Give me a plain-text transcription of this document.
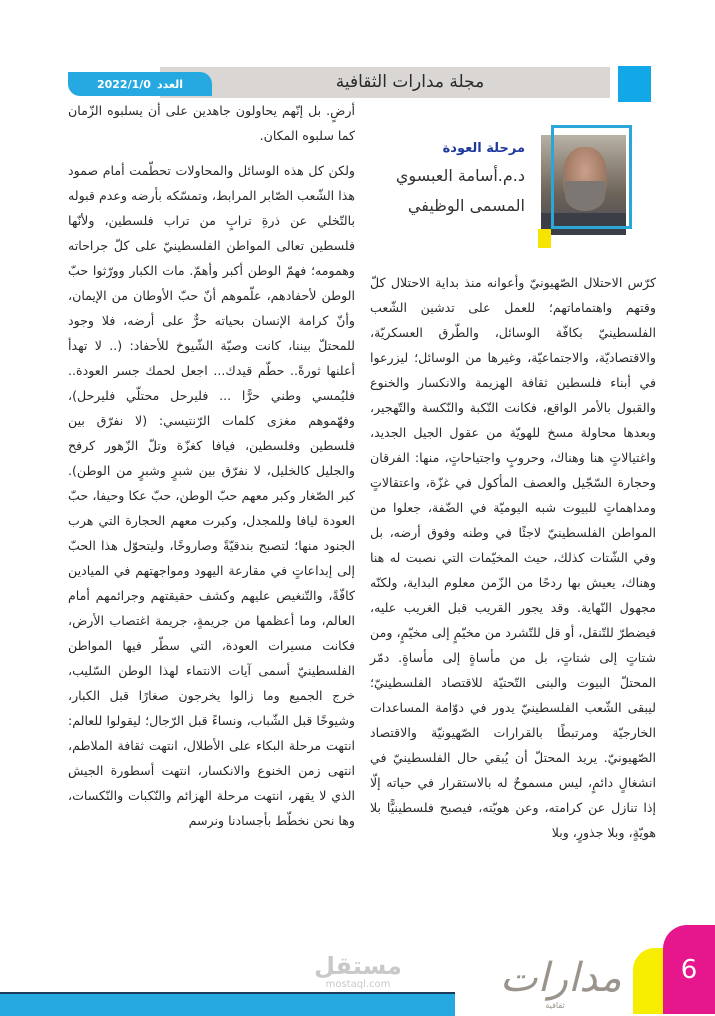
مجلة مدارات الثقافية
العدد
2022/1/0
مرحلة العودة
د.م.أسامة العبسوي
المسمى الوظيفي

كرّس الاحتلال الصّهيونيّ وأعوانه منذ بداية الاحتلال كلّ وقتهم واهتماماتهم؛ للعمل على تدشين الشّعب الفلسطينيّ بكافّة الوسائل، والطّرق العسكريّة، والاقتصاديّة، والاجتماعيّة، وغيرها من الوسائل؛ ليزرعوا في أبناء فلسطين ثقافة الهزيمة والانكسار والخنوع والقبول بالأمر الواقع، فكانت النّكبة والنّكسة والتّهجير، وبعدها محاولة مسخ للهويّة من عقول الجيل الجديد، واغتيالاتٍ هنا وهناك، وحروبٍ واجتياحاتٍ، منها: الفرقان وحجارة السّجّيل والعصف المأكول في غزّة، واعتقالاتٍ ومداهماتٍ للبيوت شبه اليوميّة في الضّفة، جعلوا من المواطن الفلسطينيّ لاجئًا في وطنه وفوق أرضه، بل وفي الشّتات كذلك، حيث المخيّمات التي نصبت له هنا وهناك، يعيش بها ردحًا من الزّمن معلوم البداية، ولكنّه مجهول النّهاية. وقد يجور القريب قبل الغريب عليه، فيضطرّ للتّنقل، أو قل للتّشرد من مخيّمٍ إلى مخيّمٍ، ومن شتاتٍ إلى شتاتٍ، بل من مأساةٍ إلى مأساةٍ. دمّر المحتلّ البيوت والبنى التّحتيّة للاقتصاد الفلسطينيّ؛ ليبقى الشّعب الفلسطينيّ يدور في دوّامة المساعدات الخارجيّة ومرتبطًا بالقرارات الصّهيونيّة والاقتصاد الصّهيونيّ. يريد المحتلّ أن يُبقي حال الفلسطينيّ في انشغالٍ دائمٍ، ليس مسموحٌ له بالاستقرار في حياته إلّا إذا تنازل عن كرامته، وعن هويّته، فيصبح فلسطينيًّا بلا هويّةٍ، وبلا جذورٍ، وبلا

أرضٍ. بل إنّهم يحاولون جاهدين على أن يسلبوه الزّمان كما سلبوه المكان.

ولكن كل هذه الوسائل والمحاولات تحطّمت أمام صمود هذا الشّعب الصّابر المرابط، وتمسّكه بأرضه وعدم قبوله بالتّخلي عن ذرةِ ترابٍ من تراب فلسطين، ولأنّها فلسطين تعالى المواطن الفلسطينيّ على كلّ جراحاته وهمومه؛ فهمّ الوطن أكبر وأهمّ. مات الكبار وورّثوا حبّ الوطن لأحفادهم، علّموهم أنّ حبّ الأوطان من الإيمان، وأنّ كرامة الإنسان بحياته حرٌّ على أرضه، فلا وجود للمحتلّ بيننا، كانت وصيّة الشّيوخ للأحفاد: (.. لا تهدأ أعلنها ثورةً.. حطّم قيدك... اجعل لحمك جسر العودة.. فليُمسي وطني حرًّا ... فليرحل محتلّي فليرحل)، وفهّموهم مغزى كلمات الرّنتيسي: (لا نفرّق بين فلسطين وفلسطين، فيافا كغزّة وتلّ الزّهور كرفح والجليل كالخليل، لا نفرّق بين شبرٍ وشبرٍ من الوطن). كبر الصّغار وكبر معهم حبّ الوطن، حبّ عكا وحيفا، حبّ العودة ليافا وللمجدل، وكبرت معهم الحجارة التي هرب الجنود منها؛ لتصبح بندقيّةً وصاروخًا، وليتحوّل هذا الحبّ إلى إبداعاتٍ في مقارعة اليهود ومواجهتهم في الميادين كافّةً، والتّنغيص عليهم وكشف حقيقتهم وجرائمهم أمام العالم، وما أعظمها من جريمةٍ، جريمة اغتصاب الأرض، فكانت مسيرات العودة، التي سطّر فيها المواطن الفلسطينيّ أسمى آيات الانتماء لهذا الوطن السّليب، خرج الجميع وما زالوا يخرجون صغارًا قبل الكبار، وشيوخًا قبل الشّباب، ونساءً قبل الرّجال؛ ليقولوا للعالم: انتهت مرحلة البكاء على الأطلال، انتهت ثقافة الملاطم، انتهى زمن الخنوع والانكسار، انتهت أسطورة الجيش الذي لا يقهر، انتهت مرحلة الهزائم والنّكبات والنّكسات، وها نحن نخطّط بأجسادنا ونرسم

مستقل
mostaql.com	مدارات
ثقافية
6
